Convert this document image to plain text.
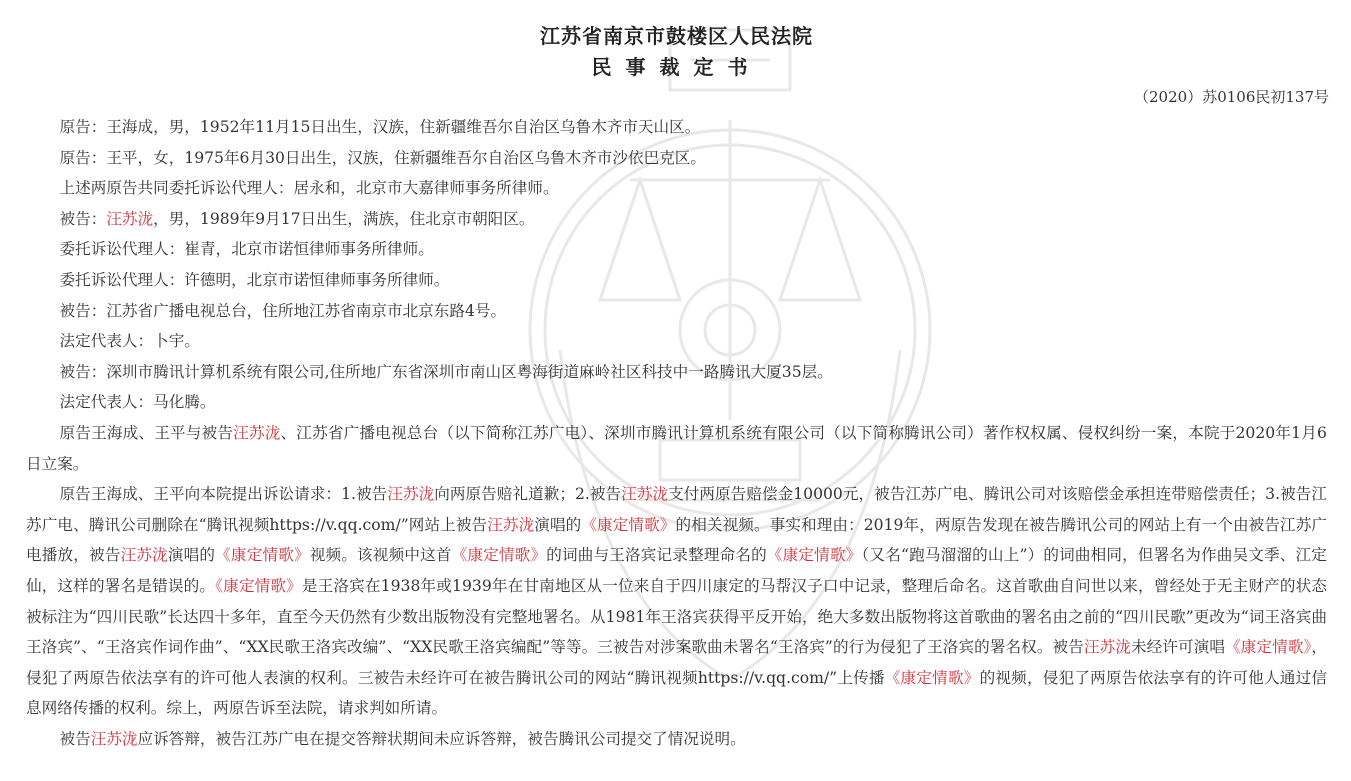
江苏省南京市鼓楼区人民法院
民事裁定书
（2020）苏0106民初137号

原告：王海成，男，1952年11月15日出生，汉族，住新疆维吾尔自治区乌鲁木齐市天山区。

原告：王平，女，1975年6月30日出生，汉族，住新疆维吾尔自治区乌鲁木齐市沙依巴克区。

上述两原告共同委托诉讼代理人：居永和，北京市大嘉律师事务所律师。

被告：汪苏泷，男，1989年9月17日出生，满族，住北京市朝阳区。

委托诉讼代理人：崔青，北京市诺恒律师事务所律师。

委托诉讼代理人：许德明，北京市诺恒律师事务所律师。

被告：江苏省广播电视总台，住所地江苏省南京市北京东路4号。

法定代表人：卜宇。

被告：深圳市腾讯计算机系统有限公司,住所地广东省深圳市南山区粤海街道麻岭社区科技中一路腾讯大厦35层。

法定代表人：马化腾。

原告王海成、王平与被告汪苏泷、江苏省广播电视总台（以下简称江苏广电）、深圳市腾讯计算机系统有限公司（以下简称腾讯公司）著作权权属、侵权纠纷一案，本院于2020年1月6日立案。

原告王海成、王平向本院提出诉讼请求：1.被告汪苏泷向两原告赔礼道歉；2.被告汪苏泷支付两原告赔偿金10000元，被告江苏广电、腾讯公司对该赔偿金承担连带赔偿责任；3.被告江苏广电、腾讯公司删除在“腾讯视频https://v.qq.com/”网站上被告汪苏泷演唱的《康定情歌》的相关视频。事实和理由：2019年，两原告发现在被告腾讯公司的网站上有一个由被告江苏广电播放，被告汪苏泷演唱的《康定情歌》视频。该视频中这首《康定情歌》的词曲与王洛宾记录整理命名的《康定情歌》（又名“跑马溜溜的山上”）的词曲相同，但署名为作曲吴文季、江定仙，这样的署名是错误的。《康定情歌》是王洛宾在1938年或1939年在甘南地区从一位来自于四川康定的马帮汉子口中记录，整理后命名。这首歌曲自问世以来，曾经处于无主财产的状态被标注为“四川民歌”长达四十多年，直至今天仍然有少数出版物没有完整地署名。从1981年王洛宾获得平反开始，绝大多数出版物将这首歌曲的署名由之前的“四川民歌”更改为“词王洛宾曲王洛宾”、“王洛宾作词作曲”、“XX民歌王洛宾改编”、“XX民歌王洛宾编配”等等。三被告对涉案歌曲未署名“王洛宾”的行为侵犯了王洛宾的署名权。被告汪苏泷未经许可演唱《康定情歌》，侵犯了两原告依法享有的许可他人表演的权利。三被告未经许可在被告腾讯公司的网站“腾讯视频https://v.qq.com/”上传播《康定情歌》的视频，侵犯了两原告依法享有的许可他人通过信息网络传播的权利。综上，两原告诉至法院，请求判如所请。

被告汪苏泷应诉答辩，被告江苏广电在提交答辩状期间未应诉答辩，被告腾讯公司提交了情况说明。
